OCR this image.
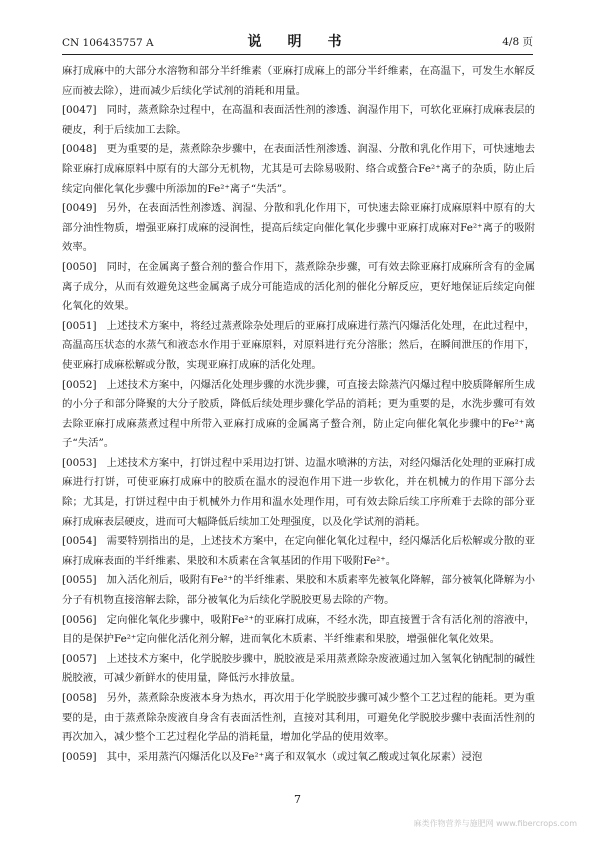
CN 106435757 A	说　明　书	4/8 页

麻打成麻中的大部分水溶物和部分半纤维素（亚麻打成麻上的部分半纤维素，在高温下，可发生水解反应而被去除），进而减少后续化学试剂的消耗和用量。

[0047] 同时，蒸煮除杂过程中，在高温和表面活性剂的渗透、润湿作用下，可软化亚麻打成麻表层的硬皮，利于后续加工去除。

[0048] 更为重要的是，蒸煮除杂步骤中，在表面活性剂渗透、润湿、分散和乳化作用下，可快速地去除亚麻打成麻原料中原有的大部分无机物，尤其是可去除易吸附、络合或螯合Fe²⁺离子的杂质，防止后续定向催化氧化步骤中所添加的Fe²⁺离子“失活”。

[0049] 另外，在表面活性剂渗透、润湿、分散和乳化作用下，可快速去除亚麻打成麻原料中原有的大部分油性物质，增强亚麻打成麻的浸润性，提高后续定向催化氧化步骤中亚麻打成麻对Fe²⁺离子的吸附效率。

[0050] 同时，在金属离子螯合剂的螯合作用下，蒸煮除杂步骤，可有效去除亚麻打成麻所含有的金属离子成分，从而有效避免这些金属离子成分可能造成的活化剂的催化分解反应，更好地保证后续定向催化氧化的效果。

[0051] 上述技术方案中，将经过蒸煮除杂处理后的亚麻打成麻进行蒸汽闪爆活化处理，在此过程中，高温高压状态的水蒸气和液态水作用于亚麻原料，对原料进行充分溶胀；然后，在瞬间泄压的作用下，使亚麻打成麻松解或分散，实现亚麻打成麻的活化处理。

[0052] 上述技术方案中，闪爆活化处理步骤的水洗步骤，可直接去除蒸汽闪爆过程中胶质降解所生成的小分子和部分降聚的大分子胶质，降低后续处理步骤化学品的消耗；更为重要的是，水洗步骤可有效去除亚麻打成麻蒸煮过程中所带入亚麻打成麻的金属离子螯合剂，防止定向催化氧化步骤中的Fe²⁺离子“失活”。

[0053] 上述技术方案中，打饼过程中采用边打饼、边温水喷淋的方法，对经闪爆活化处理的亚麻打成麻进行打饼，可使亚麻打成麻中的胶质在温水的浸泡作用下进一步软化，并在机械力的作用下部分去除；尤其是，打饼过程中由于机械外力作用和温水处理作用，可有效去除后续工序所难于去除的部分亚麻打成麻表层硬皮，进而可大幅降低后续加工处理强度，以及化学试剂的消耗。

[0054] 需要特别指出的是，上述技术方案中，在定向催化氧化过程中，经闪爆活化后松解或分散的亚麻打成麻表面的半纤维素、果胶和木质素在含氧基团的作用下吸附Fe²⁺。

[0055] 加入活化剂后，吸附有Fe²⁺的半纤维素、果胶和木质素率先被氧化降解，部分被氧化降解为小分子有机物直接溶解去除，部分被氧化为后续化学脱胶更易去除的产物。

[0056] 定向催化氧化步骤中，吸附Fe²⁺的亚麻打成麻，不经水洗，即直接置于含有活化剂的溶液中，目的是保护Fe²⁺定向催化活化剂分解，进而氧化木质素、半纤维素和果胶，增强催化氧化效果。

[0057] 上述技术方案中，化学脱胶步骤中，脱胶液是采用蒸煮除杂废液通过加入氢氧化钠配制的碱性脱胶液，可减少新鲜水的使用量，降低污水排放量。

[0058] 另外，蒸煮除杂废液本身为热水，再次用于化学脱胶步骤可减少整个工艺过程的能耗。更为重要的是，由于蒸煮除杂废液自身含有表面活性剂，直接对其利用，可避免化学脱胶步骤中表面活性剂的再次加入，减少整个工艺过程化学品的消耗量，增加化学品的使用效率。

[0059] 其中，采用蒸汽闪爆活化以及Fe²⁺离子和双氧水（或过氧乙酸或过氧化尿素）浸泡

7
麻类作物营养与施肥网 www.fibercrops.com
